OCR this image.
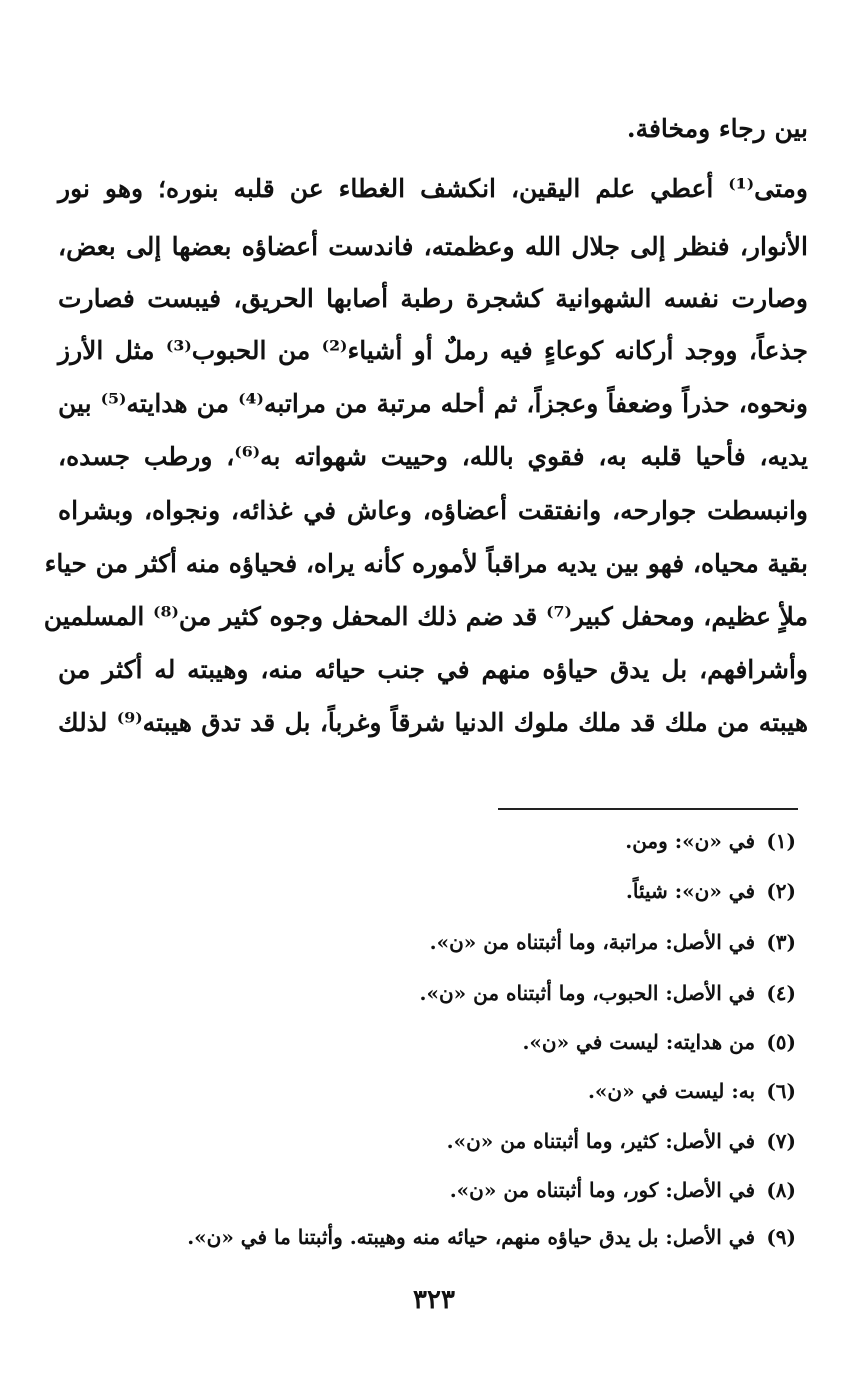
بين رجاء ومخافة.
ومتى⁽¹⁾ أعطي علم اليقين، انكشف الغطاء عن قلبه بنوره؛ وهو نور
الأنوار، فنظر إلى جلال الله وعظمته، فاندست أعضاؤه بعضها إلى بعض،
وصارت نفسه الشهوانية كشجرة رطبة أصابها الحريق، فيبست فصارت
جذعاً، ووجد أركانه كوعاءٍ فيه رملٌ أو أشياء⁽²⁾ من الحبوب⁽³⁾ مثل الأرز
ونحوه، حذراً وضعفاً وعجزاً، ثم أحله مرتبة من مراتبه⁽⁴⁾ من هدايته⁽⁵⁾ بين
يديه، فأحيا قلبه به، فقوي بالله، وحييت شهواته به⁽⁶⁾، ورطب جسده،
وانبسطت جوارحه، وانفتقت أعضاؤه، وعاش في غذائه، ونجواه، وبشراه
بقية محياه، فهو بين يديه مراقباً لأموره كأنه يراه، فحياؤه منه أكثر من حياء
ملأٍ عظيم، ومحفل كبير⁽⁷⁾ قد ضم ذلك المحفل وجوه كثير من⁽⁸⁾ المسلمين
وأشرافهم، بل يدق حياؤه منهم في جنب حيائه منه، وهيبته له أكثر من
هيبته من ملك قد ملك ملوك الدنيا شرقاً وغرباً، بل قد تدق هيبته⁽⁹⁾ لذلك
(١) في «ن»: ومن.
(٢) في «ن»: شيئاً.
(٣) في الأصل: مراتبة، وما أثبتناه من «ن».
(٤) في الأصل: الحبوب، وما أثبتناه من «ن».
(٥) من هدايته: ليست في «ن».
(٦) به: ليست في «ن».
(٧) في الأصل: كثير، وما أثبتناه من «ن».
(٨) في الأصل: كور، وما أثبتناه من «ن».
(٩) في الأصل: بل يدق حياؤه منهم، حيائه منه وهيبته. وأثبتنا ما في «ن».
٣٢٣
